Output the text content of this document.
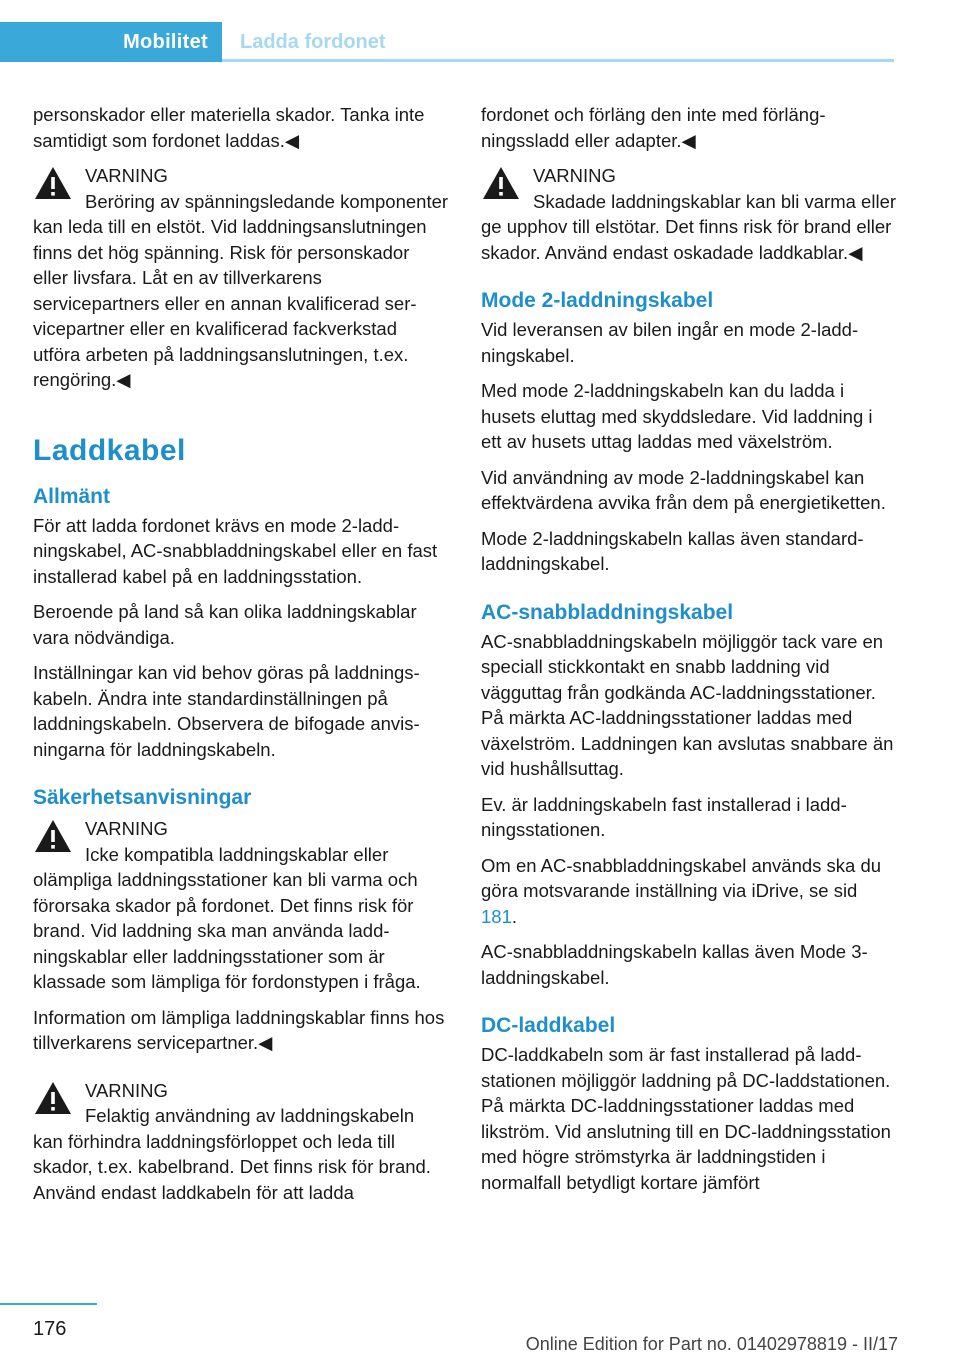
Mobilitet	Ladda fordonet

personskador eller materiella skador. Tanka inte samtidigt som fordonet laddas.◀

VARNING
Beröring av spänningsledande komponenter kan leda till en elstöt. Vid laddningsanslutningen finns det hög spänning. Risk för personskador eller livsfara. Låt en av tillverkarens servicepartners eller en annan kvalificerad servicepartner eller en kvalificerad fackverkstad utföra arbeten på laddningsanslutningen, t.ex. rengöring.◀
Laddkabel
Allmänt

För att ladda fordonet krävs en mode 2-laddningskabel, AC-snabbladdningskabel eller en fast installerad kabel på en laddningsstation.

Beroende på land så kan olika laddningskablar vara nödvändiga.

Inställningar kan vid behov göras på laddningskabeln. Ändra inte standardinställningen på laddningskabeln. Observera de bifogade anvisningarna för laddningskabeln.

Säkerhetsanvisningar
VARNING
Icke kompatibla laddningskablar eller olämpliga laddningsstationer kan bli varma och förorsaka skador på fordonet. Det finns risk för brand. Vid laddning ska man använda laddningskablar eller laddningsstationer som är klassade som lämpliga för fordonstypen i fråga.

Information om lämpliga laddningskablar finns hos tillverkarens servicepartner.◀

VARNING
Felaktig användning av laddningskabeln kan förhindra laddningsförloppet och leda till skador, t.ex. kabelbrand. Det finns risk för brand. Använd endast laddkabeln för att ladda

fordonet och förläng den inte med förlängningssladd eller adapter.◀

VARNING
Skadade laddningskablar kan bli varma eller ge upphov till elstötar. Det finns risk för brand eller skador. Använd endast oskadade laddkablar.◀
Mode 2-laddningskabel

Vid leveransen av bilen ingår en mode 2-laddningskabel.

Med mode 2-laddningskabeln kan du ladda i husets eluttag med skyddsledare. Vid laddning i ett av husets uttag laddas med växelström.

Vid användning av mode 2-laddningskabel kan effektvärdena avvika från dem på energietiketten.

Mode 2-laddningskabeln kallas även standardladdningskabel.

AC-snabbladdningskabel

AC-snabbladdningskabeln möjliggör tack vare en speciall stickkontakt en snabb laddning vid vägguttag från godkända AC-laddningsstationer. På märkta AC-laddningsstationer laddas med växelström. Laddningen kan avslutas snabbare än vid hushållsuttag.

Ev. är laddningskabeln fast installerad i laddningsstationen.

Om en AC-snabbladdningskabel används ska du göra motsvarande inställning via iDrive, se sid 181.

AC-snabbladdningskabeln kallas även Mode 3-laddningskabel.

DC-laddkabel

DC-laddkabeln som är fast installerad på laddstationen möjliggör laddning på DC-laddstationen. På märkta DC-laddningsstationer laddas med likström. Vid anslutning till en DC-laddningsstation med högre strömstyrka är laddningstiden i normalfall betydligt kortare jämfört

176
Online Edition for Part no. 01402978819 - II/17
